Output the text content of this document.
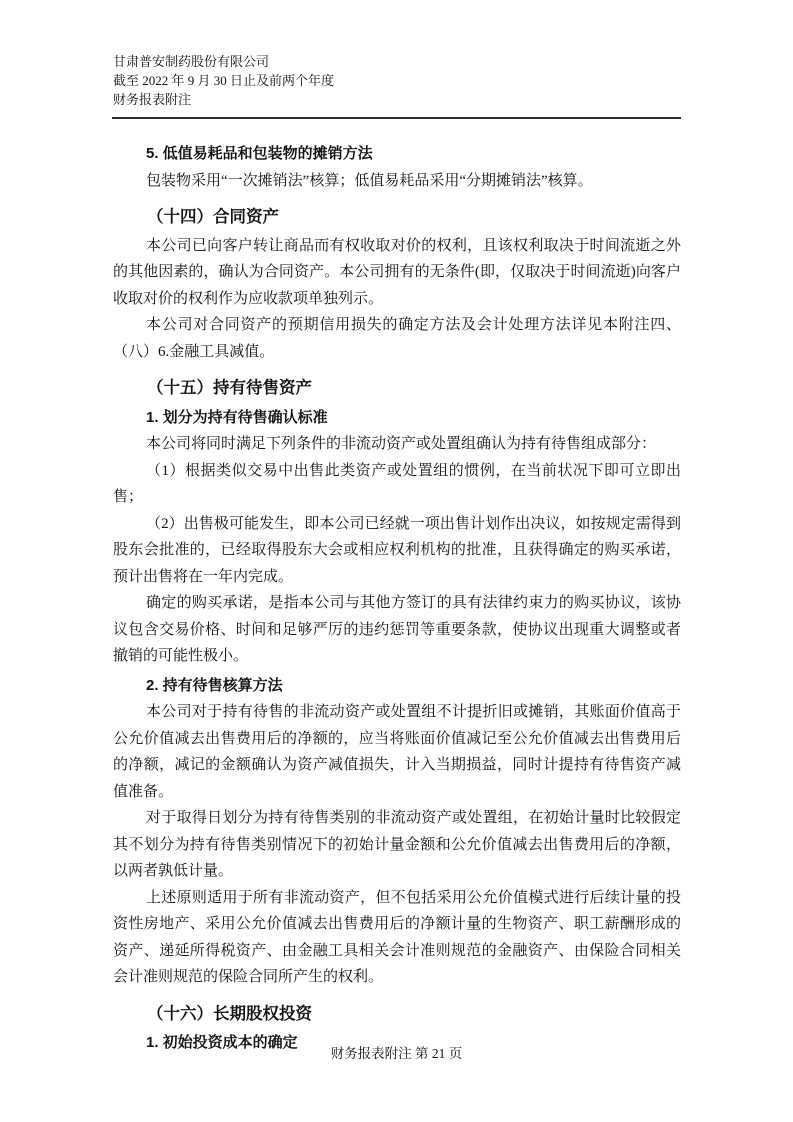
甘肃普安制药股份有限公司
截至 2022 年 9 月 30 日止及前两个年度
财务报表附注
5. 低值易耗品和包装物的摊销方法

包装物采用“一次摊销法”核算；低值易耗品采用“分期摊销法”核算。

（十四）合同资产

本公司已向客户转让商品而有权收取对价的权利，且该权利取决于时间流逝之外的其他因素的，确认为合同资产。本公司拥有的无条件(即，仅取决于时间流逝)向客户收取对价的权利作为应收款项单独列示。

本公司对合同资产的预期信用损失的确定方法及会计处理方法详见本附注四、（八）6.金融工具减值。

（十五）持有待售资产
1. 划分为持有待售确认标准

本公司将同时满足下列条件的非流动资产或处置组确认为持有待售组成部分：

（1）根据类似交易中出售此类资产或处置组的惯例，在当前状况下即可立即出售；

（2）出售极可能发生，即本公司已经就一项出售计划作出决议，如按规定需得到股东会批准的，已经取得股东大会或相应权利机构的批准，且获得确定的购买承诺，预计出售将在一年内完成。

确定的购买承诺，是指本公司与其他方签订的具有法律约束力的购买协议，该协议包含交易价格、时间和足够严厉的违约惩罚等重要条款，使协议出现重大调整或者撤销的可能性极小。

2. 持有待售核算方法

本公司对于持有待售的非流动资产或处置组不计提折旧或摊销，其账面价值高于公允价值减去出售费用后的净额的，应当将账面价值减记至公允价值减去出售费用后的净额，减记的金额确认为资产减值损失，计入当期损益，同时计提持有待售资产减值准备。

对于取得日划分为持有待售类别的非流动资产或处置组，在初始计量时比较假定其不划分为持有待售类别情况下的初始计量金额和公允价值减去出售费用后的净额，以两者孰低计量。

上述原则适用于所有非流动资产，但不包括采用公允价值模式进行后续计量的投资性房地产、采用公允价值减去出售费用后的净额计量的生物资产、职工薪酬形成的资产、递延所得税资产、由金融工具相关会计准则规范的金融资产、由保险合同相关会计准则规范的保险合同所产生的权利。

（十六）长期股权投资
1. 初始投资成本的确定
财务报表附注 第 21 页
